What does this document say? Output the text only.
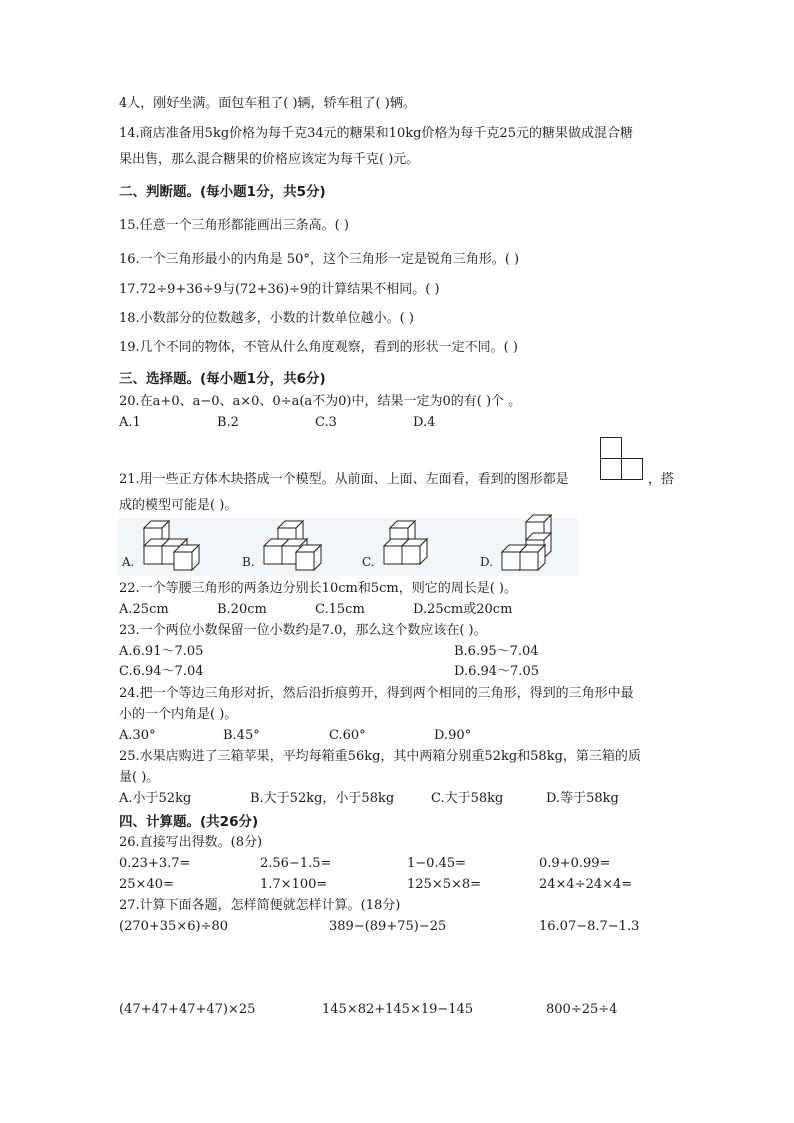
4人，刚好坐满。面包车租了( )辆，轿车租了( )辆。
14.商店准备用5kg价格为每千克34元的糖果和10kg价格为每千克25元的糖果做成混合糖
果出售，那么混合糖果的价格应该定为每千克( )元。
二、判断题。(每小题1分，共5分)
15.任意一个三角形都能画出三条高。( )
16.一个三角形最小的内角是 50°，这个三角形一定是锐角三角形。( )
17.72÷9+36÷9与(72+36)÷9的计算结果不相同。( )
18.小数部分的位数越多，小数的计数单位越小。( )
19.几个不同的物体，不管从什么角度观察，看到的形状一定不同。( )
三、选择题。(每小题1分，共6分)
20.在a+0、a−0、a×0、0÷a(a不为0)中，结果一定为0的有( )个 。
A.1	B.2	C.3	D.4
21.用一些正方体木块搭成一个模型。从前面、上面、左面看，看到的图形都是	，搭
成的模型可能是( )。
A.	B.	C.	D.
22.一个等腰三角形的两条边分别长10cm和5cm，则它的周长是( )。
A.25cm	B.20cm	C.15cm	D.25cm或20cm
23.一个两位小数保留一位小数约是7.0，那么这个数应该在( )。
A.6.91～7.05	B.6.95～7.04
C.6.94～7.04	D.6.94～7.05
24.把一个等边三角形对折，然后沿折痕剪开，得到两个相同的三角形，得到的三角形中最
小的一个内角是( )。
A.30°	B.45°	C.60°	D.90°
25.水果店购进了三箱苹果，平均每箱重56kg，其中两箱分别重52kg和58kg，第三箱的质
量( )。
A.小于52kg	B.大于52kg，小于58kg	C.大于58kg	D.等于58kg
四、计算题。(共26分)
26.直接写出得数。(8分)
0.23+3.7=	2.56−1.5=	1−0.45=	0.9+0.99=
25×40=	1.7×100=	125×5×8=	24×4÷24×4=
27.计算下面各题，怎样简便就怎样计算。(18分)
(270+35×6)÷80	389−(89+75)−25	16.07−8.7−1.3
(47+47+47+47)×25	145×82+145×19−145	800÷25÷4
